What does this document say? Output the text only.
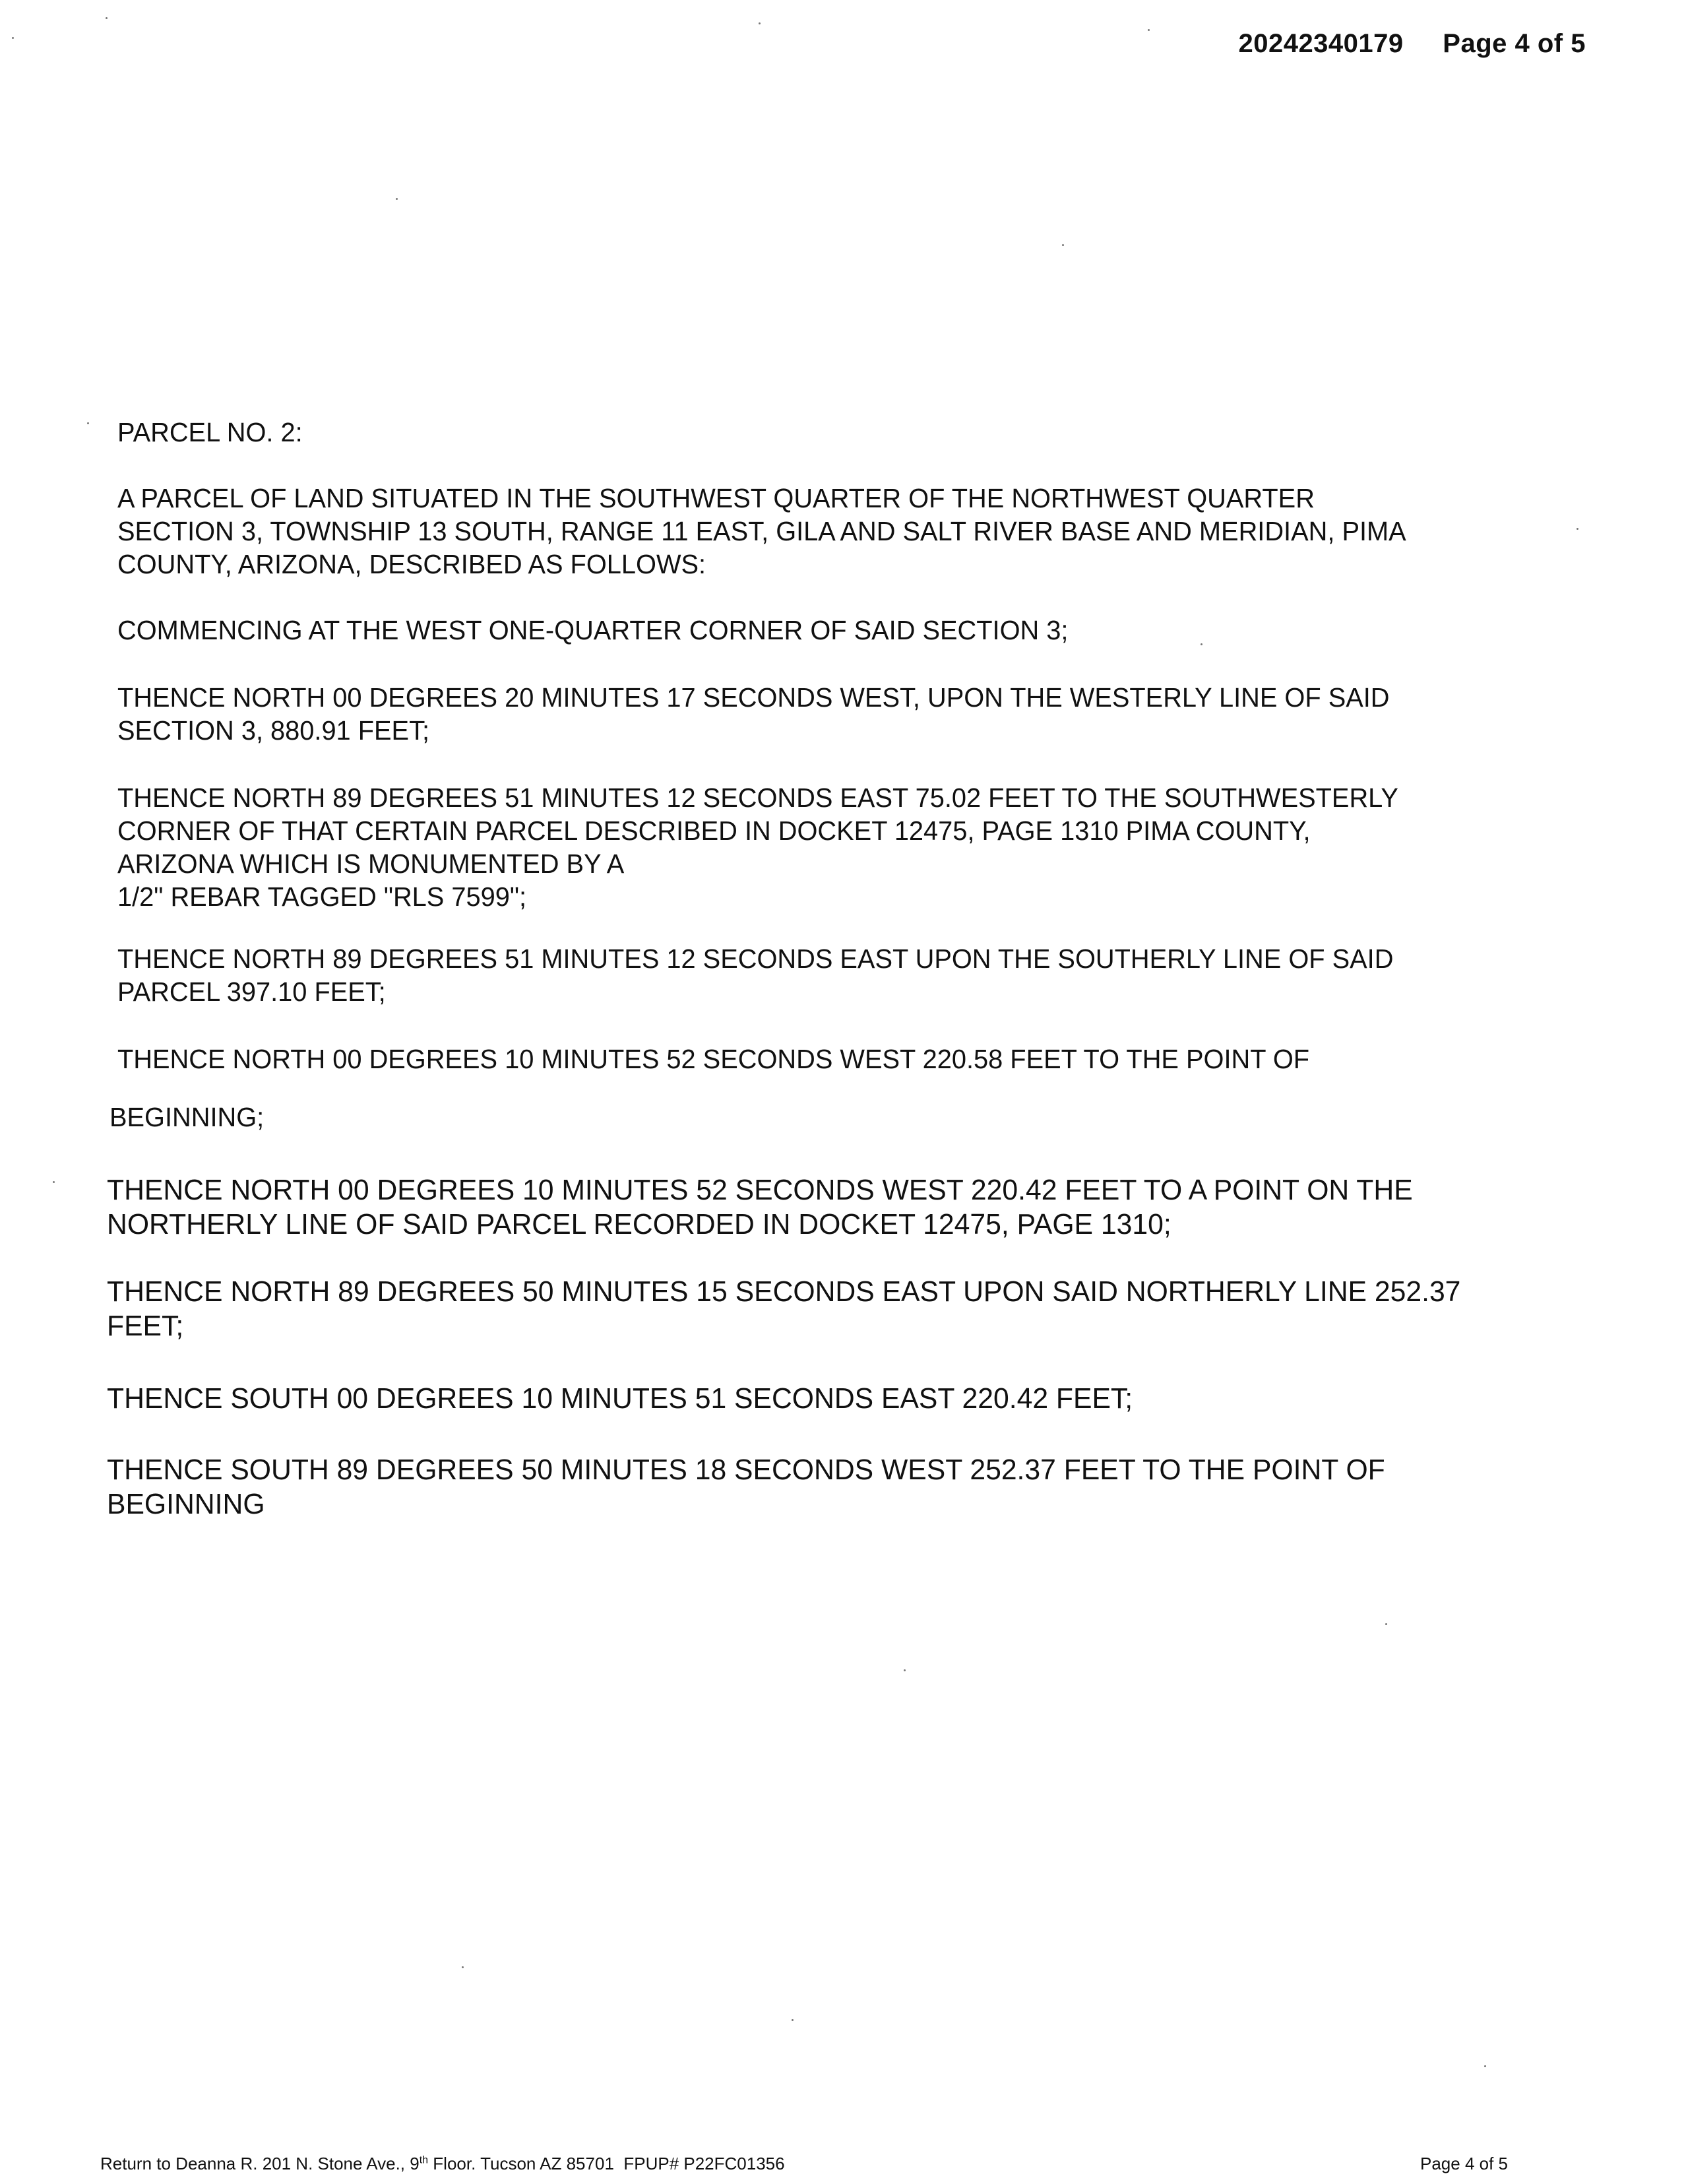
20242340179 Page 4 of 5

PARCEL NO. 2:

A PARCEL OF LAND SITUATED IN THE SOUTHWEST QUARTER OF THE NORTHWEST QUARTER
SECTION 3, TOWNSHIP 13 SOUTH, RANGE 11 EAST, GILA AND SALT RIVER BASE AND MERIDIAN, PIMA
COUNTY, ARIZONA, DESCRIBED AS FOLLOWS:

COMMENCING AT THE WEST ONE-QUARTER CORNER OF SAID SECTION 3;

THENCE NORTH 00 DEGREES 20 MINUTES 17 SECONDS WEST, UPON THE WESTERLY LINE OF SAID
SECTION 3, 880.91 FEET;

THENCE NORTH 89 DEGREES 51 MINUTES 12 SECONDS EAST 75.02 FEET TO THE SOUTHWESTERLY
CORNER OF THAT CERTAIN PARCEL DESCRIBED IN DOCKET 12475, PAGE 1310 PIMA COUNTY,
ARIZONA WHICH IS MONUMENTED BY A
1/2" REBAR TAGGED "RLS 7599";

THENCE NORTH 89 DEGREES 51 MINUTES 12 SECONDS EAST UPON THE SOUTHERLY LINE OF SAID
PARCEL 397.10 FEET;

THENCE NORTH 00 DEGREES 10 MINUTES 52 SECONDS WEST 220.58 FEET TO THE POINT OF

BEGINNING;

THENCE NORTH 00 DEGREES 10 MINUTES 52 SECONDS WEST 220.42 FEET TO A POINT ON THE
NORTHERLY LINE OF SAID PARCEL RECORDED IN DOCKET 12475, PAGE 1310;

THENCE NORTH 89 DEGREES 50 MINUTES 15 SECONDS EAST UPON SAID NORTHERLY LINE 252.37
FEET;

THENCE SOUTH 00 DEGREES 10 MINUTES 51 SECONDS EAST 220.42 FEET;

THENCE SOUTH 89 DEGREES 50 MINUTES 18 SECONDS WEST 252.37 FEET TO THE POINT OF
BEGINNING

Return to Deanna R. 201 N. Stone Ave., 9th Floor. Tucson AZ 85701  FPUP# P22FC01356	Page 4 of 5
